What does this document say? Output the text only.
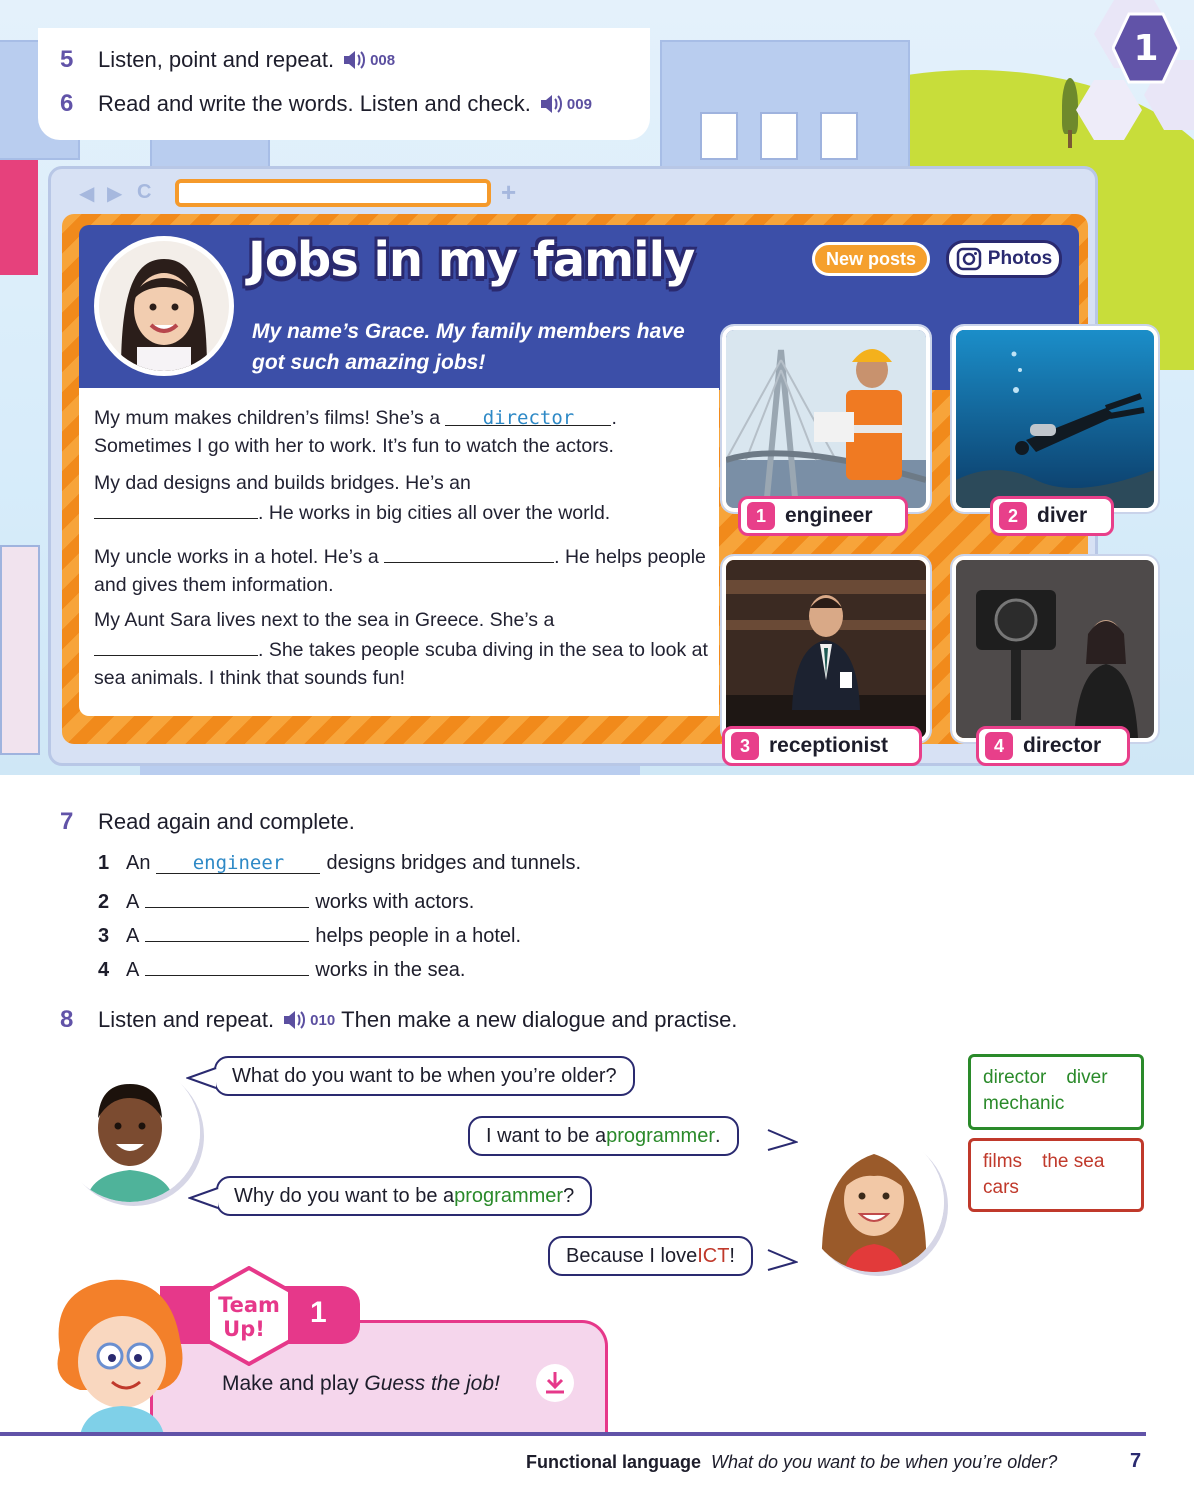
1
5	Listen, point and repeat. 008
6	Read and write the words. Listen and check. 009
◀ ▶ C	+
Jobs in my family
My name’s Grace. My family members have got such amazing jobs!
New posts	Photos
My mum makes children’s films! She’s a director . Sometimes I go with her to work. It’s fun to watch the actors.
My dad designs and builds bridges. He’s an
. He works in big cities all over the world.
My uncle works in a hotel. He’s a	. He helps people and gives them information.
My Aunt Sara lives next to the sea in Greece. She’s a
. She takes people scuba diving in the sea to look at sea animals. I think that sounds fun!
1 engineer	2 diver
3 receptionist	4 director
7	Read again and complete.
1 An	engineer	designs bridges and tunnels.
2 A	works with actors.
3 A	helps people in a hotel.
4 A	works in the sea.
8	Listen and repeat. 010 Then make a new dialogue and practise.
What do you want to be when you’re older?
I want to be a programmer .
Why do you want to be a programmer ?
Because I love ICT !
director diver
mechanic
films the sea
cars
Team
Up! 1
Make and play Guess the job!
Functional language What do you want to be when you’re older?	7
